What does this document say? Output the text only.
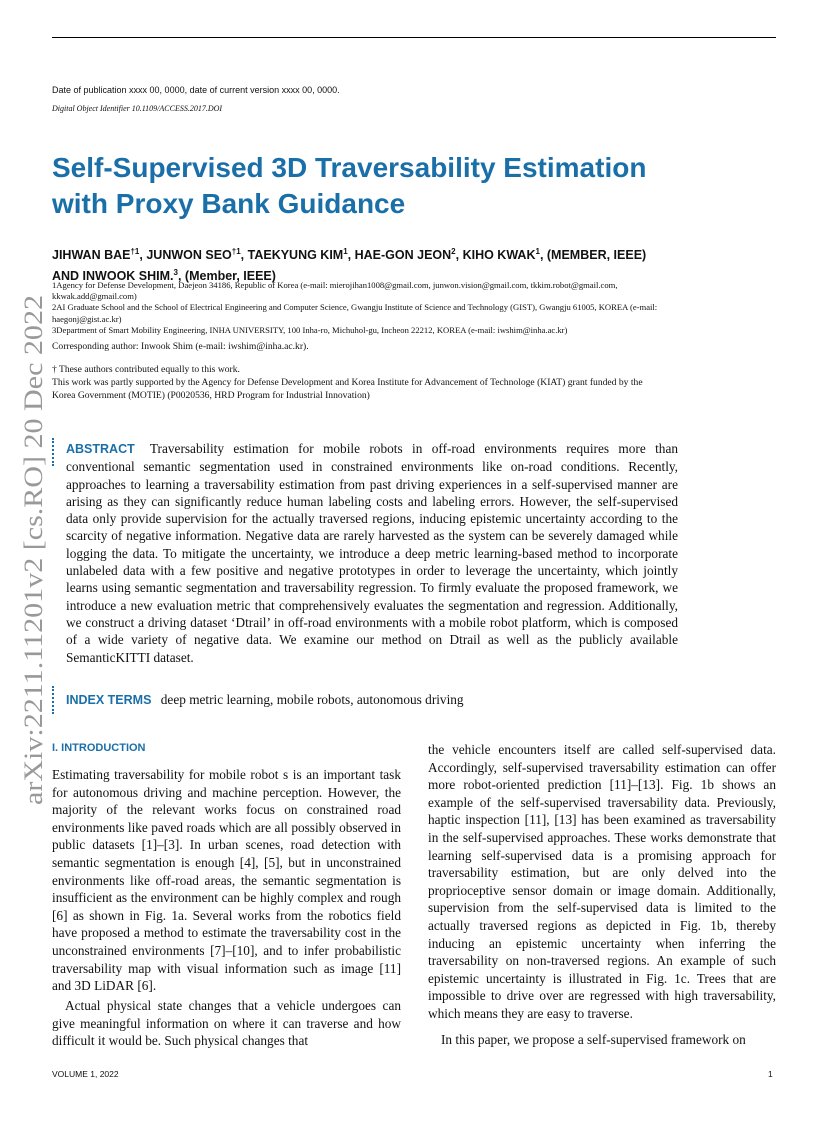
Date of publication xxxx 00, 0000, date of current version xxxx 00, 0000.
Digital Object Identifier 10.1109/ACCESS.2017.DOI
arXiv:2211.11201v2 [cs.RO] 20 Dec 2022
Self-Supervised 3D Traversability Estimation with Proxy Bank Guidance
JIHWAN BAE$^{\dagger 1}$, JUNWON SEO$^{\dagger 1}$, TAEKYUNG KIM$^1$, HAE-GON JEON$^2$, KIHO KWAK$^1$, (MEMBER, IEEE) AND INWOOK SHIM.$^3$, (Member, IEEE)
1Agency for Defense Development, Daejeon 34186, Republic of Korea (e-mail: mierojihan1008@gmail.com, junwon.vision@gmail.com, tkkim.robot@gmail.com, kkwak.add@gmail.com)
2AI Graduate School and the School of Electrical Engineering and Computer Science, Gwangju Institute of Science and Technology (GIST), Gwangju 61005, KOREA (e-mail: haegonj@gist.ac.kr)
3Department of Smart Mobility Engineering, INHA UNIVERSITY, 100 Inha-ro, Michuhol-gu, Incheon 22212, KOREA (e-mail: iwshim@inha.ac.kr)
Corresponding author: Inwook Shim (e-mail: iwshim@inha.ac.kr).
† These authors contributed equally to this work.
This work was partly supported by the Agency for Defense Development and Korea Institute for Advancement of Technologe (KIAT) grant funded by the Korea Government (MOTIE) (P0020536, HRD Program for Industrial Innovation)
ABSTRACT Traversability estimation for mobile robots in off-road environments requires more than conventional semantic segmentation used in constrained environments like on-road conditions. Recently, approaches to learning a traversability estimation from past driving experiences in a self-supervised manner are arising as they can significantly reduce human labeling costs and labeling errors. However, the self-supervised data only provide supervision for the actually traversed regions, inducing epistemic uncertainty according to the scarcity of negative information. Negative data are rarely harvested as the system can be severely damaged while logging the data. To mitigate the uncertainty, we introduce a deep metric learning-based method to incorporate unlabeled data with a few positive and negative prototypes in order to leverage the uncertainty, which jointly learns using semantic segmentation and traversability regression. To firmly evaluate the proposed framework, we introduce a new evaluation metric that comprehensively evaluates the segmentation and regression. Additionally, we construct a driving dataset ‘Dtrail’ in off-road environments with a mobile robot platform, which is composed of a wide variety of negative data. We examine our method on Dtrail as well as the publicly available SemanticKITTI dataset.
INDEX TERMS deep metric learning, mobile robots, autonomous driving
I. INTRODUCTION
Estimating traversability for mobile robot s is an important task for autonomous driving and machine perception. However, the majority of the relevant works focus on constrained road environments like paved roads which are all possibly observed in public datasets [1]–[3]. In urban scenes, road detection with semantic segmentation is enough [4], [5], but in unconstrained environments like off-road areas, the semantic segmentation is insufficient as the environment can be highly complex and rough [6] as shown in Fig. 1a. Several works from the robotics field have proposed a method to estimate the traversability cost in the unconstrained environments [7]–[10], and to infer probabilistic traversability map with visual information such as image [11] and 3D LiDAR [6].
Actual physical state changes that a vehicle undergoes can give meaningful information on where it can traverse and how difficult it would be. Such physical changes that
the vehicle encounters itself are called self-supervised data. Accordingly, self-supervised traversability estimation can offer more robot-oriented prediction [11]–[13]. Fig. 1b shows an example of the self-supervised traversability data. Previously, haptic inspection [11], [13] has been examined as traversability in the self-supervised approaches. These works demonstrate that learning self-supervised data is a promising approach for traversability estimation, but are only delved into the proprioceptive sensor domain or image domain. Additionally, supervision from the self-supervised data is limited to the actually traversed regions as depicted in Fig. 1b, thereby inducing an epistemic uncertainty when inferring the traversability on non-traversed regions. An example of such epistemic uncertainty is illustrated in Fig. 1c. Trees that are impossible to drive over are regressed with high traversability, which means they are easy to traverse.
In this paper, we propose a self-supervised framework on
VOLUME 1, 2022	1
